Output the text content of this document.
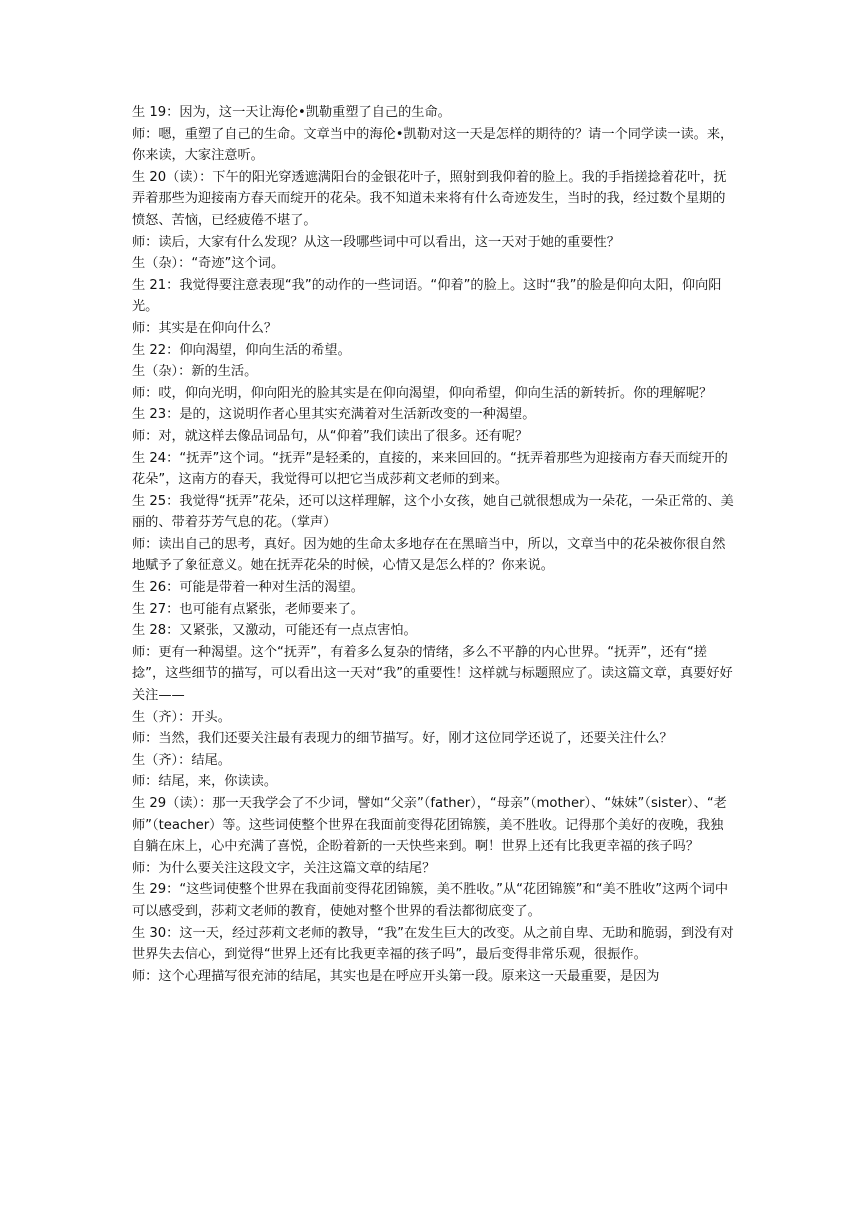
生 19：因为，这一天让海伦•凯勒重塑了自己的生命。

师：嗯，重塑了自己的生命。文章当中的海伦•凯勒对这一天是怎样的期待的？请一个同学读一读。来，你来读，大家注意听。

生 20（读）：下午的阳光穿透遮满阳台的金银花叶子，照射到我仰着的脸上。我的手指搓捻着花叶，抚弄着那些为迎接南方春天而绽开的花朵。我不知道未来将有什么奇迹发生，当时的我，经过数个星期的愤怒、苦恼，已经疲倦不堪了。

师：读后，大家有什么发现？从这一段哪些词中可以看出，这一天对于她的重要性？

生（杂）：“奇迹”这个词。

生 21：我觉得要注意表现“我”的动作的一些词语。“仰着”的脸上。这时“我”的脸是仰向太阳，仰向阳光。

师：其实是在仰向什么？

生 22：仰向渴望，仰向生活的希望。

生（杂）：新的生活。

师：哎，仰向光明，仰向阳光的脸其实是在仰向渴望，仰向希望，仰向生活的新转折。你的理解呢？

生 23：是的，这说明作者心里其实充满着对生活新改变的一种渴望。

师：对，就这样去像品词品句，从“仰着”我们读出了很多。还有呢？

生 24：“抚弄”这个词。“抚弄”是轻柔的，直接的，来来回回的。“抚弄着那些为迎接南方春天而绽开的花朵”，这南方的春天，我觉得可以把它当成莎莉文老师的到来。

生 25：我觉得“抚弄”花朵，还可以这样理解，这个小女孩，她自己就很想成为一朵花，一朵正常的、美丽的、带着芬芳气息的花。（掌声）

师：读出自己的思考，真好。因为她的生命太多地存在在黑暗当中，所以，文章当中的花朵被你很自然地赋予了象征意义。她在抚弄花朵的时候，心情又是怎么样的？你来说。

生 26：可能是带着一种对生活的渴望。

生 27：也可能有点紧张，老师要来了。

生 28：又紧张，又激动，可能还有一点点害怕。

师：更有一种渴望。这个“抚弄”，有着多么复杂的情绪，多么不平静的内心世界。“抚弄”，还有“搓捻”，这些细节的描写，可以看出这一天对“我”的重要性！这样就与标题照应了。读这篇文章，真要好好关注——

生（齐）：开头。

师：当然，我们还要关注最有表现力的细节描写。好，刚才这位同学还说了，还要关注什么？

生（齐）：结尾。

师：结尾，来，你读读。

生 29（读）：那一天我学会了不少词，譬如“父亲”（father），“母亲”（mother）、“妹妹”（sister）、“老师”（teacher）等。这些词使整个世界在我面前变得花团锦簇，美不胜收。记得那个美好的夜晚，我独自躺在床上，心中充满了喜悦，企盼着新的一天快些来到。啊！世界上还有比我更幸福的孩子吗？

师：为什么要关注这段文字，关注这篇文章的结尾？

生 29：“这些词使整个世界在我面前变得花团锦簇，美不胜收。”从“花团锦簇”和“美不胜收”这两个词中可以感受到，莎莉文老师的教育，使她对整个世界的看法都彻底变了。

生 30：这一天，经过莎莉文老师的教导，“我”在发生巨大的改变。从之前自卑、无助和脆弱，到没有对世界失去信心，到觉得“世界上还有比我更幸福的孩子吗”，最后变得非常乐观，很振作。

师：这个心理描写很充沛的结尾，其实也是在呼应开头第一段。原来这一天最重要，是因为
